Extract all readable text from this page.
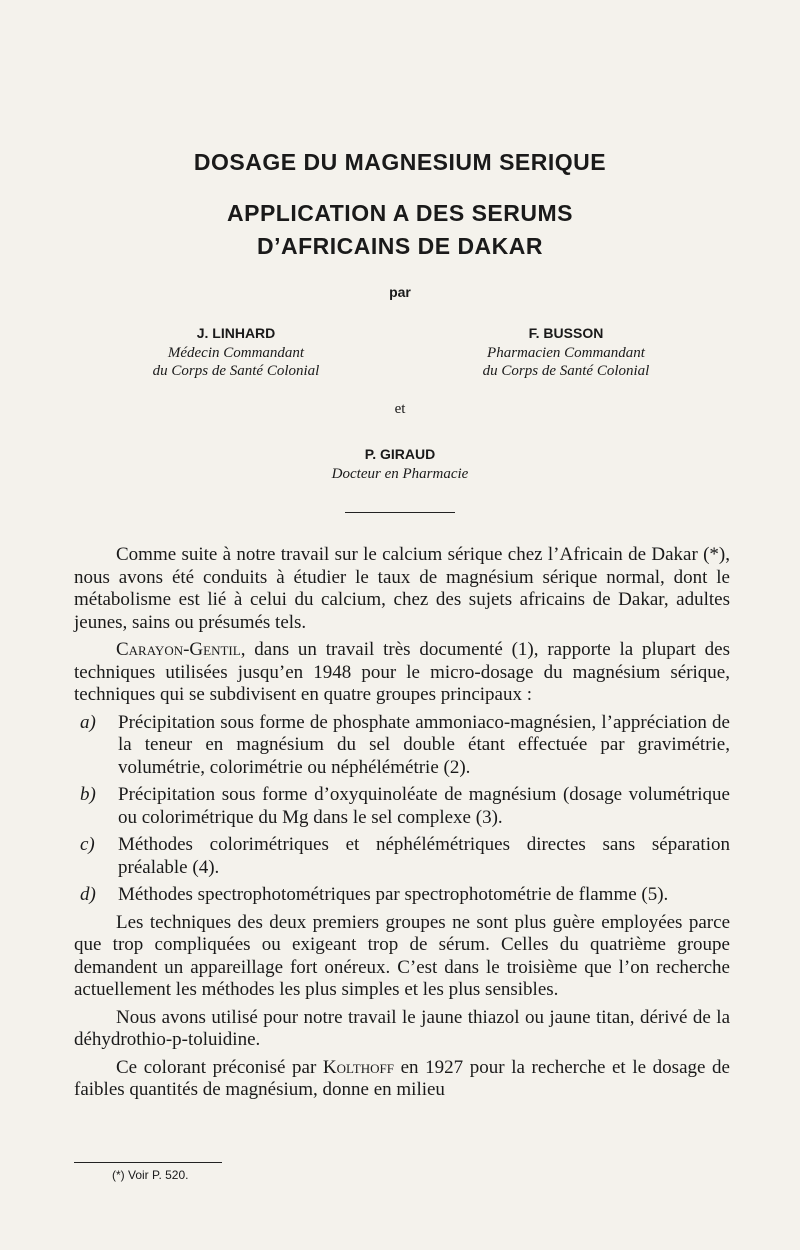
DOSAGE DU MAGNESIUM SERIQUE
APPLICATION A DES SERUMS
D’AFRICAINS DE DAKAR
par
J. LINHARD
Médecin Commandant
du Corps de Santé Colonial
F. BUSSON
Pharmacien Commandant
du Corps de Santé Colonial
et
P. GIRAUD
Docteur en Pharmacie

Comme suite à notre travail sur le calcium sérique chez l’Africain de Dakar (*), nous avons été conduits à étudier le taux de magnésium sérique normal, dont le métabolisme est lié à celui du calcium, chez des sujets africains de Dakar, adultes jeunes, sains ou présumés tels.

Carayon-Gentil, dans un travail très documenté (1), rapporte la plupart des techniques utilisées jusqu’en 1948 pour le micro-dosage du magnésium sérique, techniques qui se subdivisent en quatre groupes principaux :

a) Précipitation sous forme de phosphate ammoniaco-magnésien, l’appréciation de la teneur en magnésium du sel double étant effectuée par gravimétrie, volumétrie, colorimétrie ou néphélémétrie (2).
b) Précipitation sous forme d’oxyquinoléate de magnésium (dosage volumétrique ou colorimétrique du Mg dans le sel complexe (3).
c) Méthodes colorimétriques et néphélémétriques directes sans séparation préalable (4).
d) Méthodes spectrophotométriques par spectrophotométrie de flamme (5).

Les techniques des deux premiers groupes ne sont plus guère employées parce que trop compliquées ou exigeant trop de sérum. Celles du quatrième groupe demandent un appareillage fort onéreux. C’est dans le troisième que l’on recherche actuellement les méthodes les plus simples et les plus sensibles.

Nous avons utilisé pour notre travail le jaune thiazol ou jaune titan, dérivé de la déhydrothio-p-toluidine.

Ce colorant préconisé par Kolthoff en 1927 pour la recherche et le dosage de faibles quantités de magnésium, donne en milieu

(*) Voir P. 520.
